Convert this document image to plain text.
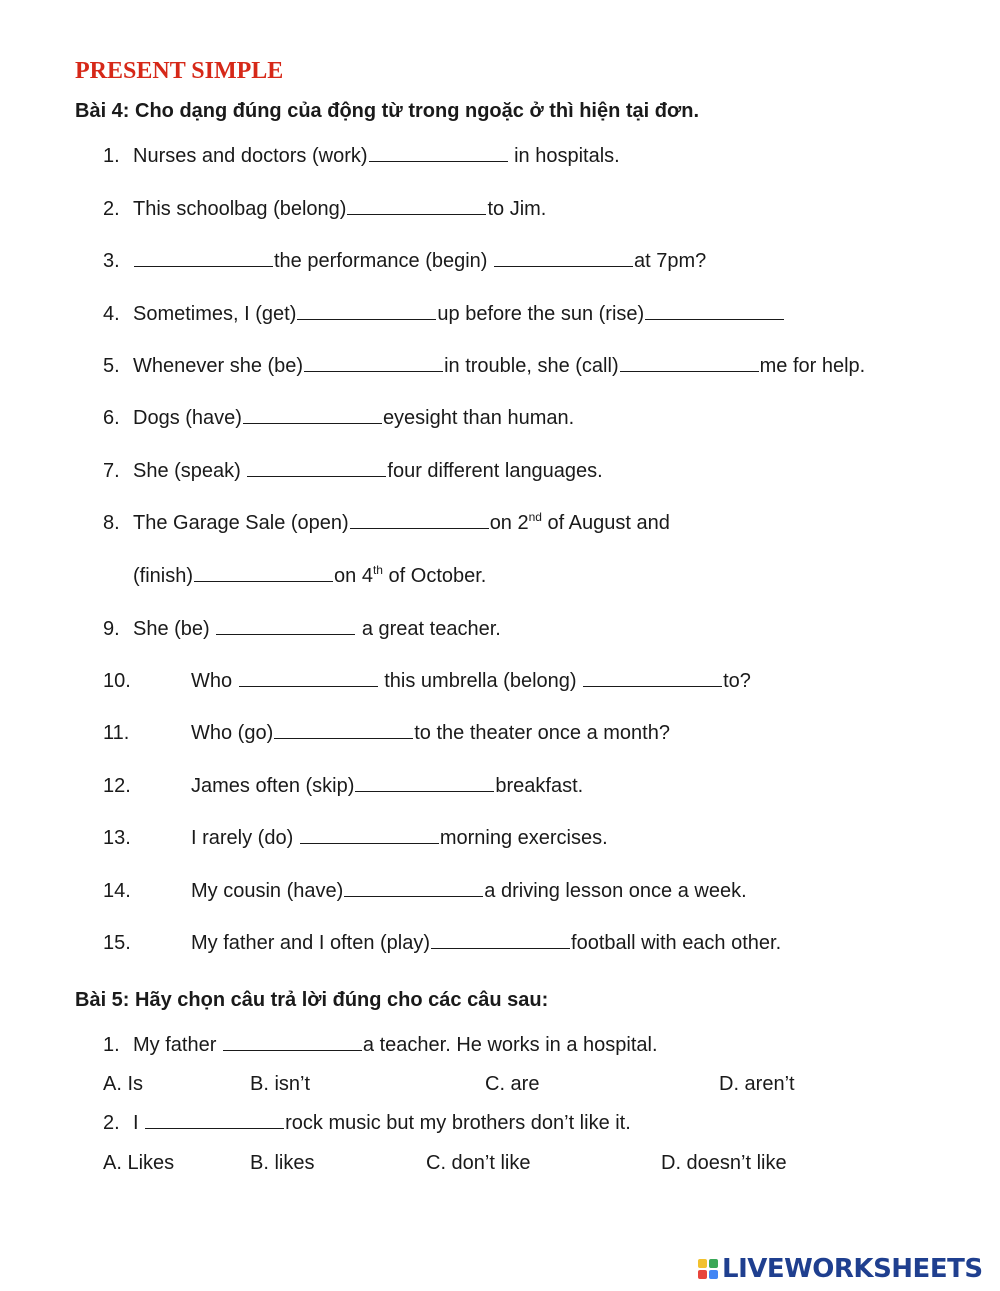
PRESENT SIMPLE
Bài 4: Cho dạng đúng của động từ trong ngoặc ở thì hiện tại đơn.
1. Nurses and doctors (work)	in hospitals.
2. This schoolbag (belong)	to Jim.
3.	the performance (begin)	at 7pm?
4. Sometimes, I (get)	up before the sun (rise)
5. Whenever she (be)	in trouble, she (call)	me for help.
6. Dogs (have)	eyesight than human.
7. She (speak)	four different languages.
8. The Garage Sale (open)	on 2nd of August and
(finish)	on 4th of October.
9. She (be)	a great teacher.
10.	Who	this umbrella (belong)	to?
11.	Who (go)	to the theater once a month?
12.	James often (skip)	breakfast.
13.	I rarely (do)	morning exercises.
14.	My cousin (have)	a driving lesson once a week.
15.	My father and I often (play)	football with each other.
Bài 5: Hãy chọn câu trả lời đúng cho các câu sau:
1. My father	a teacher. He works in a hospital.
A. Is	B. isn’t	C. are	D. aren’t
2. I	rock music but my brothers don’t like it.
A. Likes	B. likes	C. don’t like	D. doesn’t like
LIVEWORKSHEETS
